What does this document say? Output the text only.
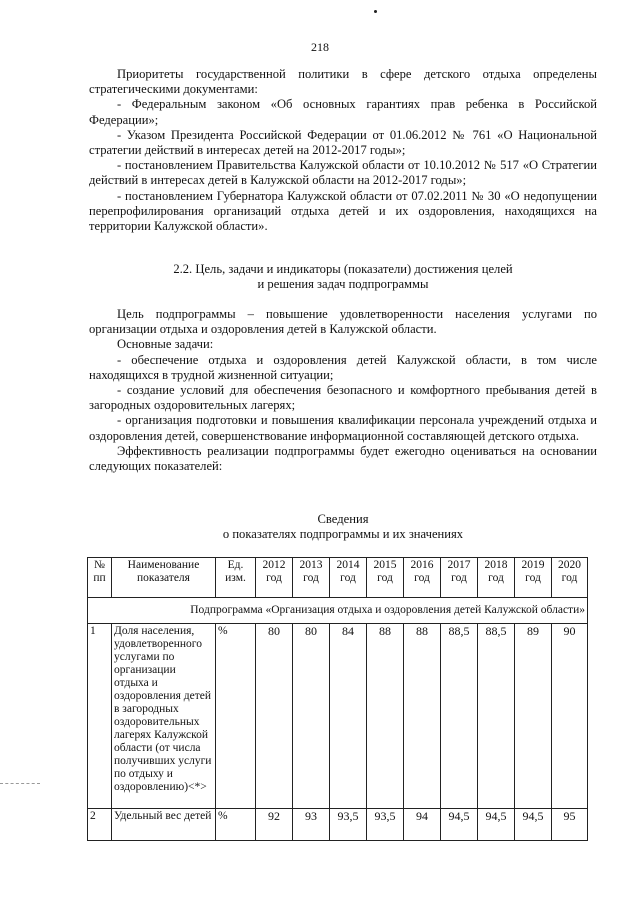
218

Приоритеты государственной политики в сфере детского отдыха определены стратегическими документами:

- Федеральным законом «Об основных гарантиях прав ребенка в Российской Федерации»;

- Указом Президента Российской Федерации от 01.06.2012 № 761 «О Национальной стратегии действий в интересах детей на 2012-2017 годы»;

- постановлением Правительства Калужской области от 10.10.2012 № 517 «О Стратегии действий в интересах детей в Калужской области на 2012-2017 годы»;

- постановлением Губернатора Калужской области от 07.02.2011 № 30 «О недопущении перепрофилирования организаций отдыха детей и их оздоровления, находящихся на территории Калужской области».

2.2. Цель, задачи и индикаторы (показатели) достижения целей

и решения задач подпрограммы

Цель подпрограммы – повышение удовлетворенности населения услугами по организации отдыха и оздоровления детей в Калужской области.

Основные задачи:

- обеспечение отдыха и оздоровления детей Калужской области, в том числе находящихся в трудной жизненной ситуации;

- создание условий для обеспечения безопасного и комфортного пребывания детей в загородных оздоровительных лагерях;

- организация подготовки и повышения квалификации персонала учреждений отдыха и оздоровления детей, совершенствование информационной составляющей детского отдыха.

Эффективность реализации подпрограммы будет ежегодно оцениваться на основании следующих показателей:

Сведения

о показателях подпрограммы и их значениях

№ пп	Наименование показателя	Ед. изм.	2012 год	2013 год	2014 год	2015 год	2016 год	2017 год	2018 год	2019 год	2020 год
Подпрограмма «Организация отдыха и оздоровления детей Калужской области»											
1	Доля населения, удовлетворенного услугами по организации отдыха и оздоровления детей в загородных оздоровительных лагерях Калужской области (от числа получивших услуги по отдыху и оздоровлению)<*>	%	80	80	84	88	88	88,5	88,5	89	90
2	Удельный вес детей	%	92	93	93,5	93,5	94	94,5	94,5	94,5	95
